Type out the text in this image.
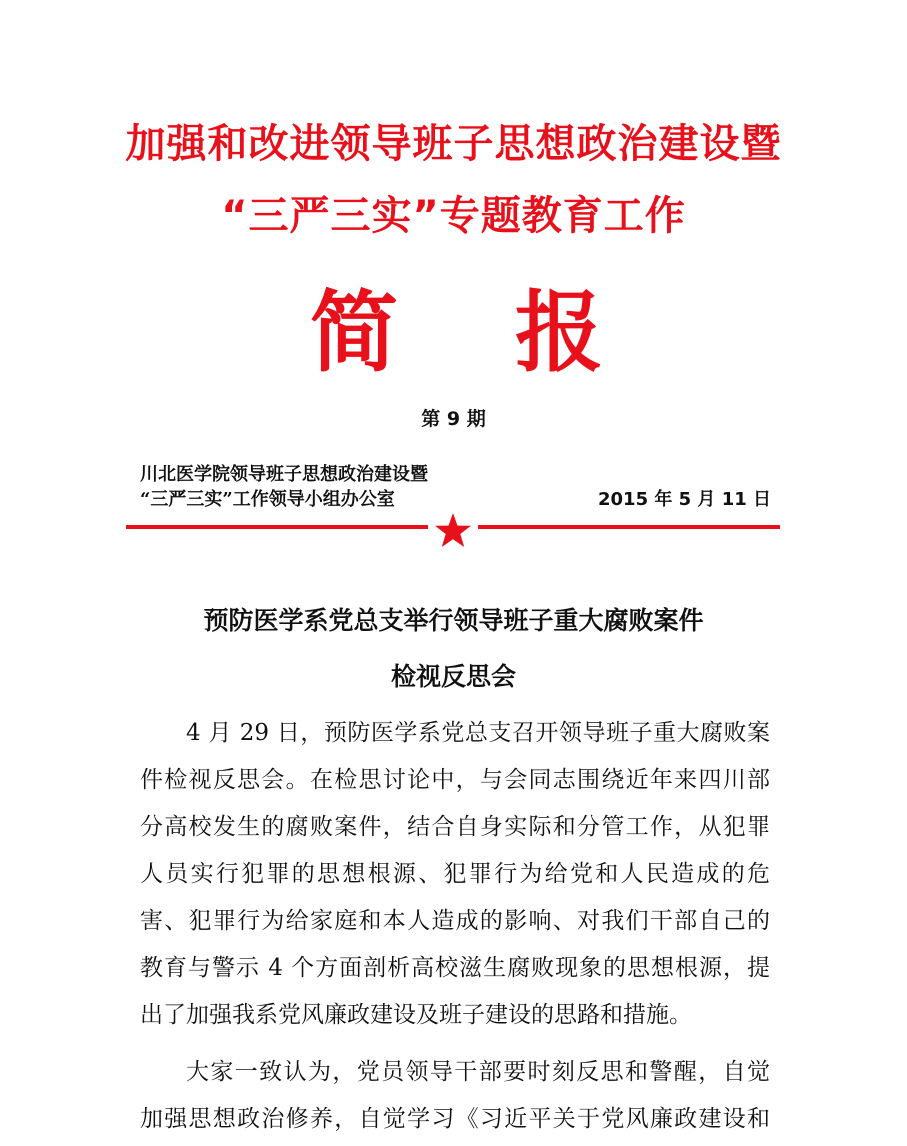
加强和改进领导班子思想政治建设暨
“三严三实”专题教育工作
简 报
第 9 期
川北医学院领导班子思想政治建设暨
“三严三实”工作领导小组办公室	2015 年 5 月 11 日
预防医学系党总支举行领导班子重大腐败案件
检视反思会
4 月 29 日，预防医学系党总支召开领导班子重大腐败案
件检视反思会。在检思讨论中，与会同志围绕近年来四川部
分高校发生的腐败案件，结合自身实际和分管工作，从犯罪
人员实行犯罪的思想根源、犯罪行为给党和人民造成的危
害、犯罪行为给家庭和本人造成的影响、对我们干部自己的
教育与警示 4 个方面剖析高校滋生腐败现象的思想根源，提
出了加强我系党风廉政建设及班子建设的思路和措施。
大家一致认为，党员领导干部要时刻反思和警醒，自觉
加强思想政治修养，自觉学习《习近平关于党风廉政建设和
